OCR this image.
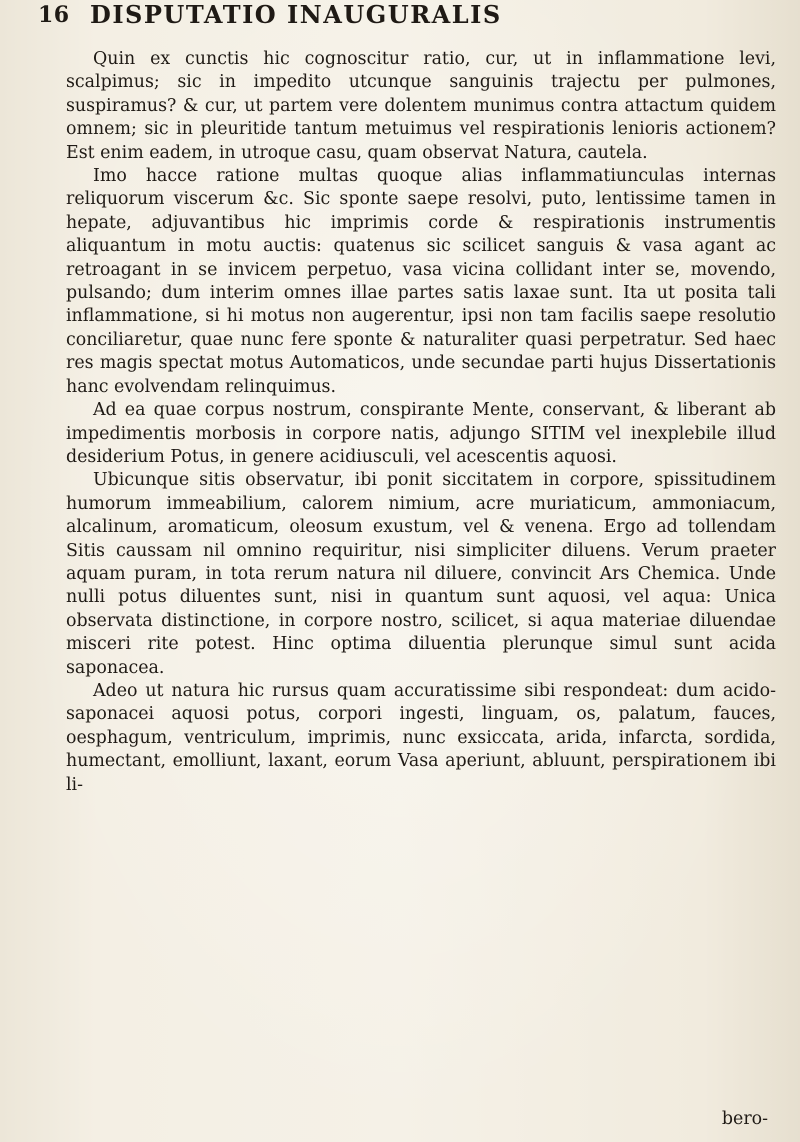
16 DISPUTATIO INAUGURALIS

Quin ex cunctis hic cognoscitur ratio, cur, ut in inflammatione levi, scalpimus; sic in impedito utcunque sanguinis trajectu per pulmones, suspiramus? & cur, ut partem vere dolentem munimus contra attactum quidem omnem; sic in pleuritide tantum metuimus vel respirationis lenioris actionem? Est enim eadem, in utroque casu, quam observat Natura, cautela.

Imo hacce ratione multas quoque alias inflammatiunculas internas reliquorum viscerum &c. Sic sponte saepe resolvi, puto, lentissime tamen in hepate, adjuvantibus hic imprimis corde & respirationis instrumentis aliquantum in motu auctis: quatenus sic scilicet sanguis & vasa agant ac retroagant in se invicem perpetuo, vasa vicina collidant inter se, movendo, pulsando; dum interim omnes illae partes satis laxae sunt. Ita ut posita tali inflammatione, si hi motus non augerentur, ipsi non tam facilis saepe resolutio conciliaretur, quae nunc fere sponte & naturaliter quasi perpetratur. Sed haec res magis spectat motus Automaticos, unde secundae parti hujus Dissertationis hanc evolvendam relinquimus.

Ad ea quae corpus nostrum, conspirante Mente, conservant, & liberant ab impedimentis morbosis in corpore natis, adjungo SITIM vel inexplebile illud desiderium Potus, in genere acidiusculi, vel acescentis aquosi.

Ubicunque sitis observatur, ibi ponit siccitatem in corpore, spissitudinem humorum immeabilium, calorem nimium, acre muriaticum, ammoniacum, alcalinum, aromaticum, oleosum exustum, vel & venena. Ergo ad tollendam Sitis caussam nil omnino requiritur, nisi simpliciter diluens. Verum praeter aquam puram, in tota rerum natura nil diluere, convincit Ars Chemica. Unde nulli potus diluentes sunt, nisi in quantum sunt aquosi, vel aqua: Unica observata distinctione, in corpore nostro, scilicet, si aqua materiae diluendae misceri rite potest. Hinc optima diluentia plerunque simul sunt acida saponacea.

Adeo ut natura hic rursus quam accuratissime sibi respondeat: dum acido-saponacei aquosi potus, corpori ingesti, linguam, os, palatum, fauces, oesphagum, ventriculum, imprimis, nunc exsiccata, arida, infarcta, sordida, humectant, emolliunt, laxant, eorum Vasa aperiunt, abluunt, perspirationem ibi li-

bero-
